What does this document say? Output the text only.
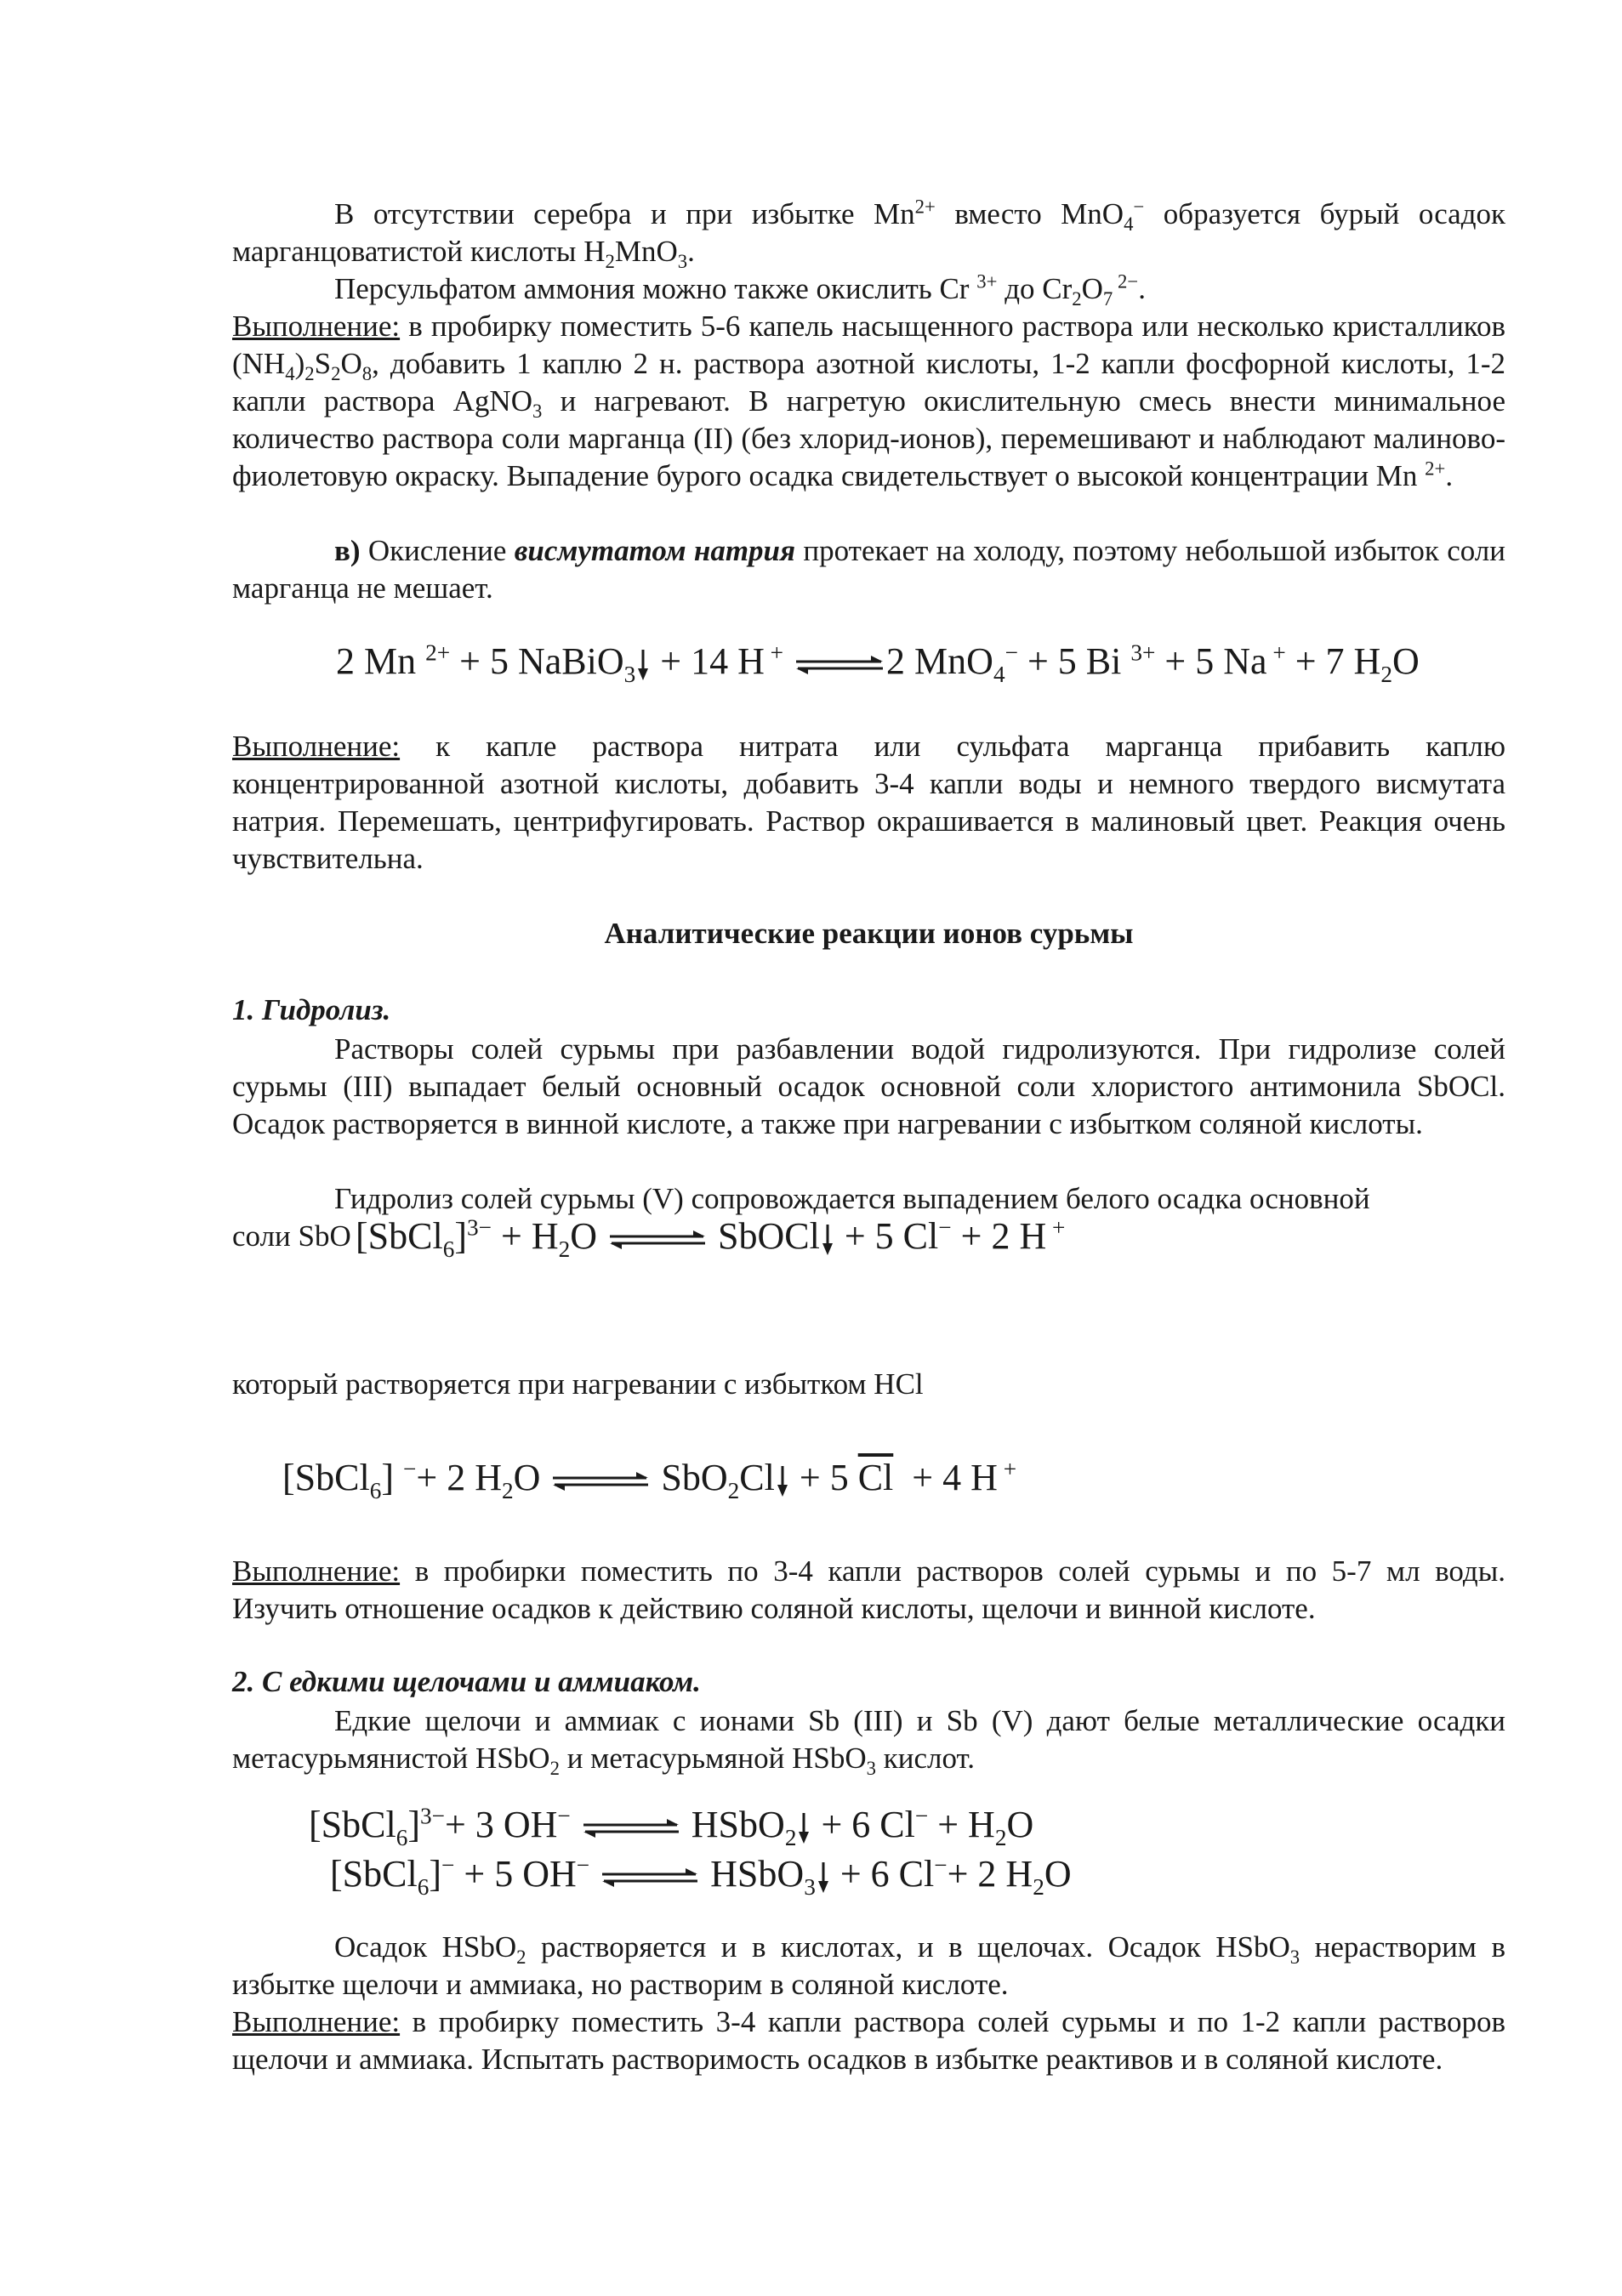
В отсутствии серебра и при избытке $Mn^{2+}$ вместо MnO$_4$− образуется бурый осадок марганцоватистой кислоты $H_2MnO_3$.

Персульфатом аммония можно также окислить Cr $^{3+}$ до $Cr_2O_7$ $^{2-}$.

Выполнение: в пробирку поместить 5-6 капель насыщенного раствора или несколько кристалликов $(NH_4)_2S_2O_8$, добавить 1 каплю 2 н. раствора азотной кислоты, 1-2 капли фосфорной кислоты, 1-2 капли раствора AgNO$_3$ и нагревают. В нагретую окислительную смесь внести минимальное количество раствора соли марганца (II) (без хлорид-ионов), перемешивают и наблюдают малиново-фиолетовую окраску. Выпадение бурого осадка свидетельствует о высокой концентрации Mn $^{2+}$.

в) Окисление висмутатом натрия протекает на холоду, поэтому небольшой избыток соли марганца не мешает.

2 Mn $^{2+}$ + 5 NaBiO$_3$ + 14 H + ⇌2 MnO$_4$− + 5 Bi $^{3+}$ + 5 Na + + 7 $H_2O$

Выполнение: к капле раствора нитрата или сульфата марганца прибавить каплю концентрированной азотной кислоты, добавить 3-4 капли воды и немного твердого висмутата натрия. Перемешать, центрифугировать. Раствор окрашивается в малиновый цвет. Реакция очень чувствительна.

Аналитические реакции ионов сурьмы

1. Гидролиз.

Растворы солей сурьмы при разбавлении водой гидролизуются. При гидролизе солей сурьмы (III) выпадает белый основный осадок основной соли хлористого антимонила SbOCl. Осадок растворяется в винной кислоте, а также при нагревании с избытком соляной кислоты.

Гидролиз солей сурьмы (V) сопровождается выпадением белого осадка основной

соли SbO [SbCl$_6$]$^{3-}$ + $H_2O$ ⇌ SbOCl + 5 Cl− + 2 H +

который растворяется при нагревании с избытком HCl

[SbCl$_6$] −+ 2 $H_2O$ ⇌ SbO$_2$Cl + 5 $\overline{Cl} + 4$ H +

Выполнение: в пробирки поместить по 3-4 капли растворов солей сурьмы и по 5-7 мл воды. Изучить отношение осадков к действию соляной кислоты, щелочи и винной кислоте.

2. С едкими щелочами и аммиаком.

Едкие щелочи и аммиак с ионами Sb (III) и Sb (V) дают белые металлические осадки метасурьмянистой HSbO$_2$ и метасурьмяной HSbO$_3$ кислот.

[SbCl$_6$]$^{3-}$+ 3 OH− ⇌ HSbO$_2$ + 6 $Cl^- + H_2O$
[SbCl$_6$]− + 5 OH− ⇌ HSbO$_3$ + 6 Cl−+ 2 $H_2O$

Осадок HSbO$_2$ растворяется и в кислотах, и в щелочах. Осадок HSbO$_3$ нерастворим в избытке щелочи и аммиака, но растворим в соляной кислоте.

Выполнение: в пробирку поместить 3-4 капли раствора солей сурьмы и по 1-2 капли растворов щелочи и аммиака. Испытать растворимость осадков в избытке реактивов и в соляной кислоте.
